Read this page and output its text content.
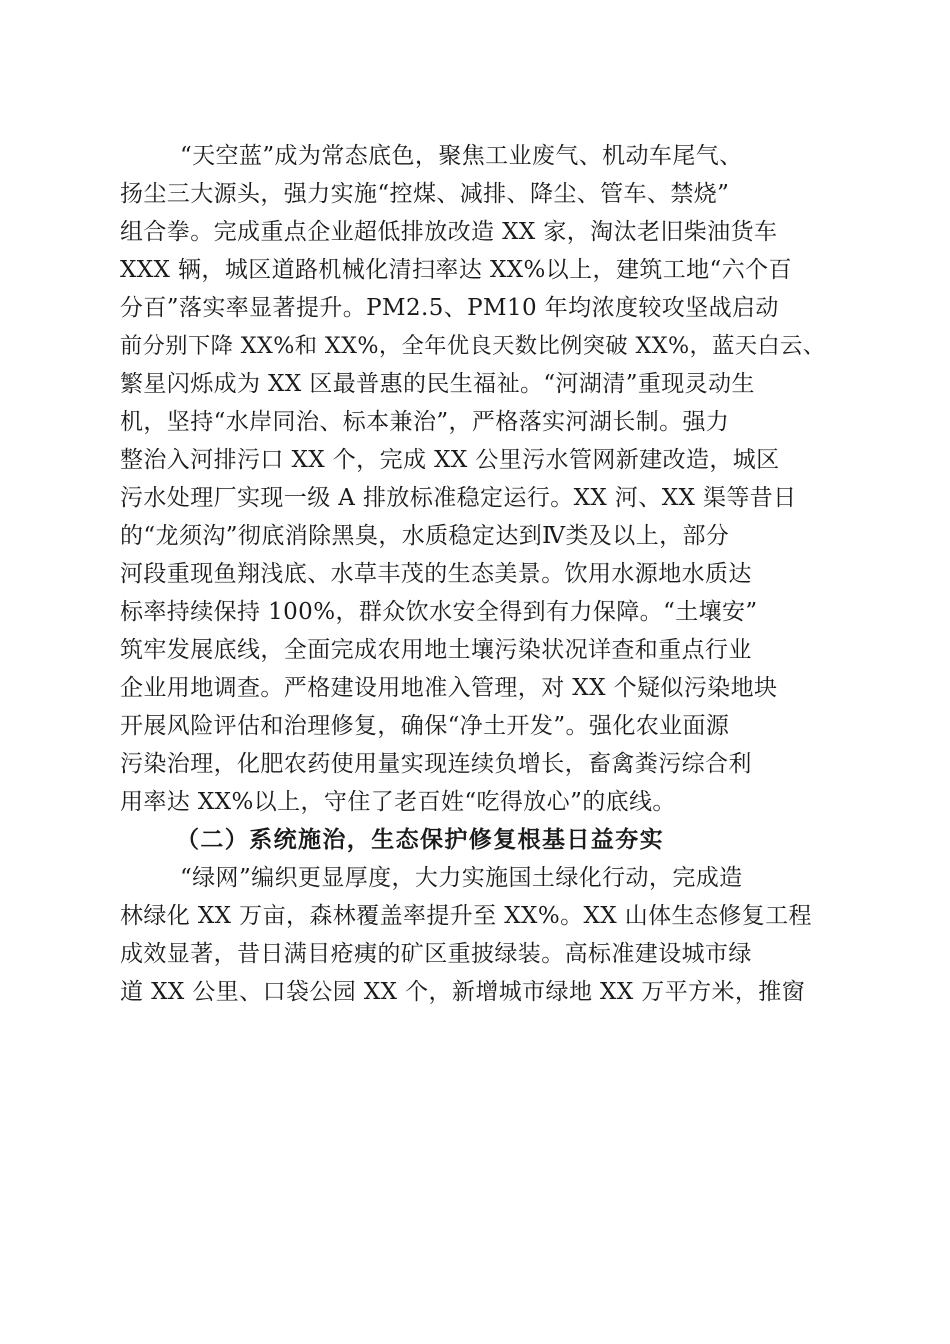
“天空蓝”成为常态底色，聚焦工业废气、机动车尾气、
扬尘三大源头，强力实施“控煤、减排、降尘、管车、禁烧”
组合拳。完成重点企业超低排放改造 XX 家，淘汰老旧柴油货车
XXX 辆，城区道路机械化清扫率达 XX%以上，建筑工地“六个百
分百”落实率显著提升。PM2.5、PM10 年均浓度较攻坚战启动
前分别下降 XX%和 XX%，全年优良天数比例突破 XX%，蓝天白云、
繁星闪烁成为 XX 区最普惠的民生福祉。“河湖清”重现灵动生
机，坚持“水岸同治、标本兼治”，严格落实河湖长制。强力
整治入河排污口 XX 个，完成 XX 公里污水管网新建改造，城区
污水处理厂实现一级 A 排放标准稳定运行。XX 河、XX 渠等昔日
的“龙须沟”彻底消除黑臭，水质稳定达到Ⅳ类及以上，部分
河段重现鱼翔浅底、水草丰茂的生态美景。饮用水源地水质达
标率持续保持 100%，群众饮水安全得到有力保障。“土壤安”
筑牢发展底线，全面完成农用地土壤污染状况详查和重点行业
企业用地调查。严格建设用地准入管理，对 XX 个疑似污染地块
开展风险评估和治理修复，确保“净土开发”。强化农业面源
污染治理，化肥农药使用量实现连续负增长，畜禽粪污综合利
用率达 XX%以上，守住了老百姓“吃得放心”的底线。
（二）系统施治，生态保护修复根基日益夯实
“绿网”编织更显厚度，大力实施国土绿化行动，完成造
林绿化 XX 万亩，森林覆盖率提升至 XX%。XX 山体生态修复工程
成效显著，昔日满目疮痍的矿区重披绿装。高标准建设城市绿
道 XX 公里、口袋公园 XX 个，新增城市绿地 XX 万平方米，推窗
